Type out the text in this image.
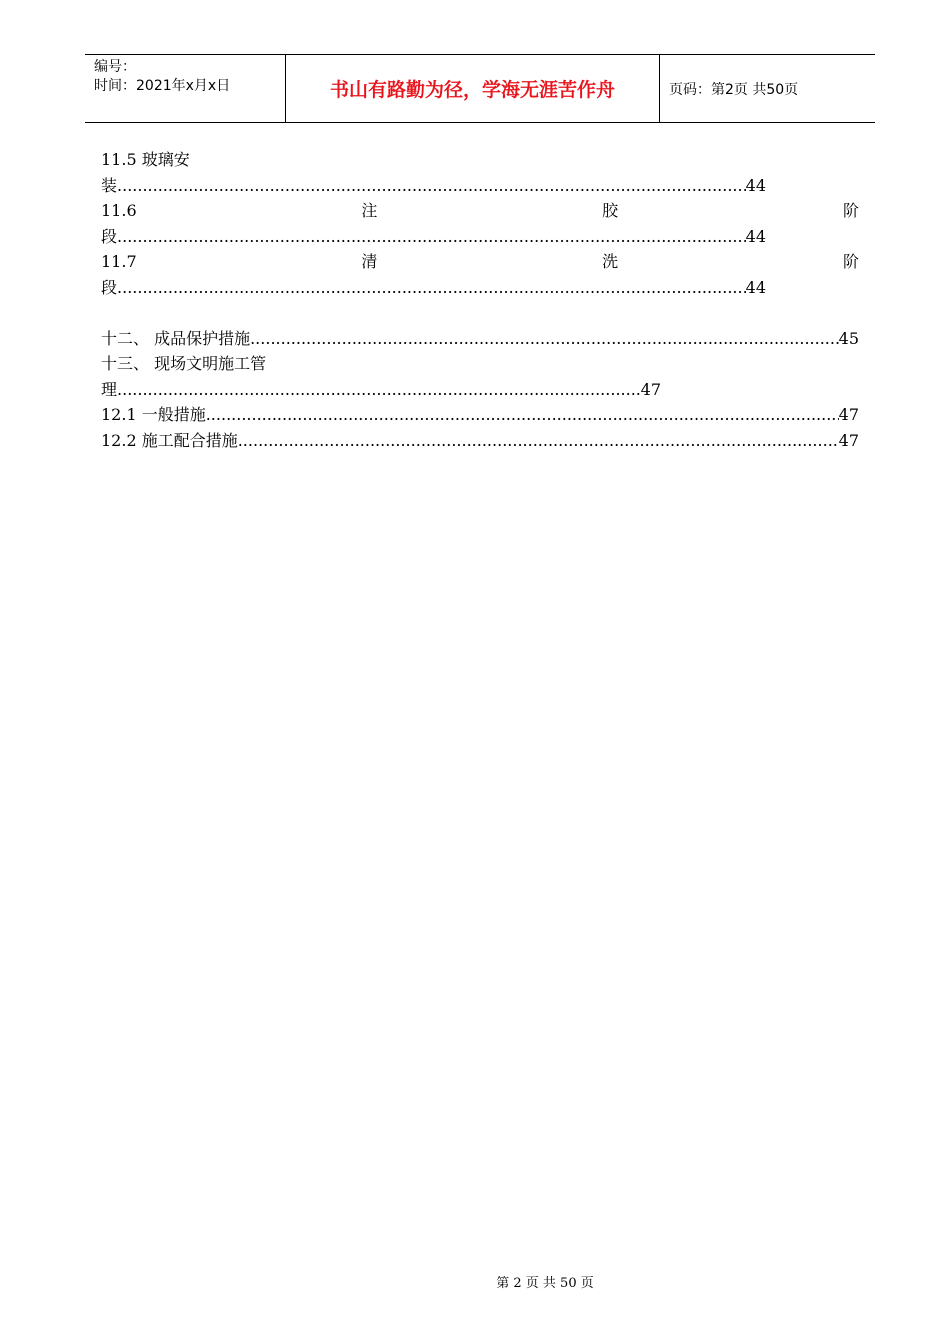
编号：
时间：2021年x月x日	书山有路勤为径，学海无涯苦作舟	页码：第2页 共50页
11.5 玻璃安
装 .....	44
11.6	注	胶	阶
段 .....	44
11.7	清	洗	阶
段 .....	44
十二、 成品保护措施 .....	45
十三、 现场文明施工管
理 .....	47
12.1 一般措施 .....	47
12.2 施工配合措施 .....	47
第 2 页 共 50 页
